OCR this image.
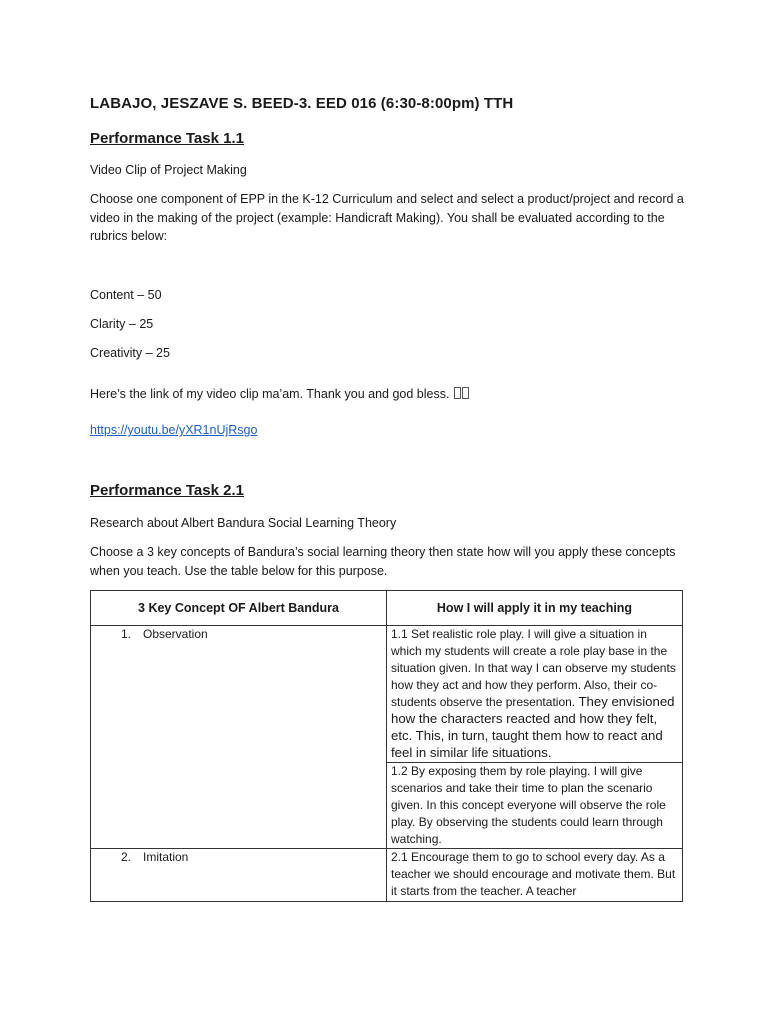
LABAJO, JESZAVE S. BEED-3. EED 016 (6:30-8:00pm) TTH
Performance Task 1.1
Video Clip of Project Making
Choose one component of EPP in the K-12 Curriculum and select and select a product/project and record a video in the making of the project (example: Handicraft Making). You shall be evaluated according to the rubrics below:
Content – 50
Clarity – 25
Creativity – 25
Here’s the link of my video clip ma’am. Thank you and god bless.
https://youtu.be/yXR1nUjRsgo
Performance Task 2.1
Research about Albert Bandura Social Learning Theory
Choose a 3 key concepts of Bandura’s social learning theory then state how will you apply these concepts when you teach. Use the table below for this purpose.
3 Key Concept OF Albert Bandura	How I will apply it in my teaching
1. Observation	1.1 Set realistic role play. I will give a situation in which my students will create a role play base in the situation given. In that way I can observe my students how they act and how they perform. Also, their co-students observe the presentation. They envisioned how the characters reacted and how they felt, etc. This, in turn, taught them how to react and feel in similar life situations.
	1.2 By exposing them by role playing. I will give scenarios and take their time to plan the scenario given. In this concept everyone will observe the role play. By observing the students could learn through watching.
2. Imitation	2.1 Encourage them to go to school every day. As a teacher we should encourage and motivate them. But it starts from the teacher. A teacher
